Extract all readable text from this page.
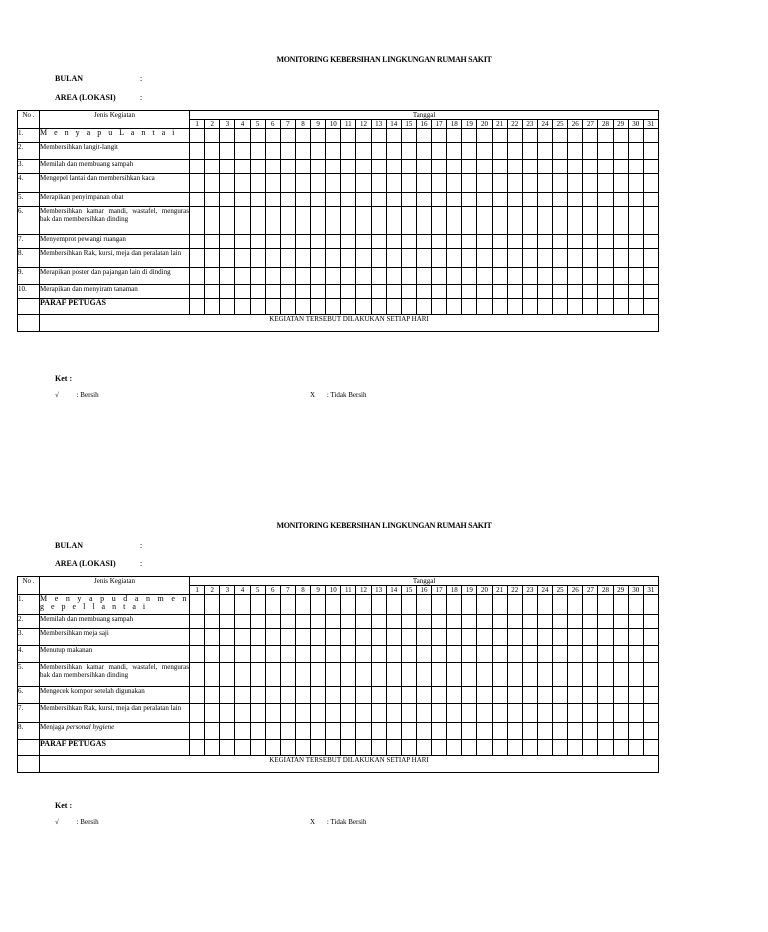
MONITORING KEBERSIHAN LINGKUNGAN RUMAH SAKIT
BULAN	:
AREA (LOKASI)	:
No .	Jenis Kegiatan	Tanggal																														
		1	2	3	4	5	6	7	8	9	10	11	12	13	14	15	16	17	18	19	20	21	22	23	24	25	26	27	28	29	30	31
1.	M e n y a p u L a n t a i																															
2.	Membersihkan langit-langit																															
3.	Memilah dan membuang sampah																															
4.	Mengepel lantai dan membersihkan kaca																															
5.	Merapikan penyimpanan obat																															
6.	Membersihkan kamar mandi, wastafel, menguras bak dan membersihkan dinding																															
7.	Menyemprot pewangi ruangan																															
8.	Membersihkan Rak, kursi, meja dan peralatan lain																															
9.	Merapikan poster dan pajangan lain di dinding																															
10.	Merapikan dan menyiram tanaman																															
	PARAF PETUGAS																															
	KEGIATAN TERSEBUT DILAKUKAN SETIAP HARI																															
Ket :
√	: Bersih	X : Tidak Bersih
MONITORING KEBERSIHAN LINGKUNGAN RUMAH SAKIT
BULAN	:
AREA (LOKASI)	:
No .	Jenis Kegiatan	Tanggal																														
		1	2	3	4	5	6	7	8	9	10	11	12	13	14	15	16	17	18	19	20	21	22	23	24	25	26	27	28	29	30	31
1.	M e n y a p u d a n m e n g e p e l l a n t a i																															
2.	Memilah dan membuang sampah																															
3.	Membersihkan meja saji																															
4.	Menutup makanan																															
5.	Membersihkan kamar mandi, wastafel, menguras bak dan membersihkan dinding																															
6.	Mengecek kompor setelah digunakan																															
7.	Membersihkan Rak, kursi, meja dan peralatan lain																															
8.	Menjaga personal hygiene																															
	PARAF PETUGAS																															
	KEGIATAN TERSEBUT DILAKUKAN SETIAP HARI																															
Ket :
√	: Bersih	X : Tidak Bersih
